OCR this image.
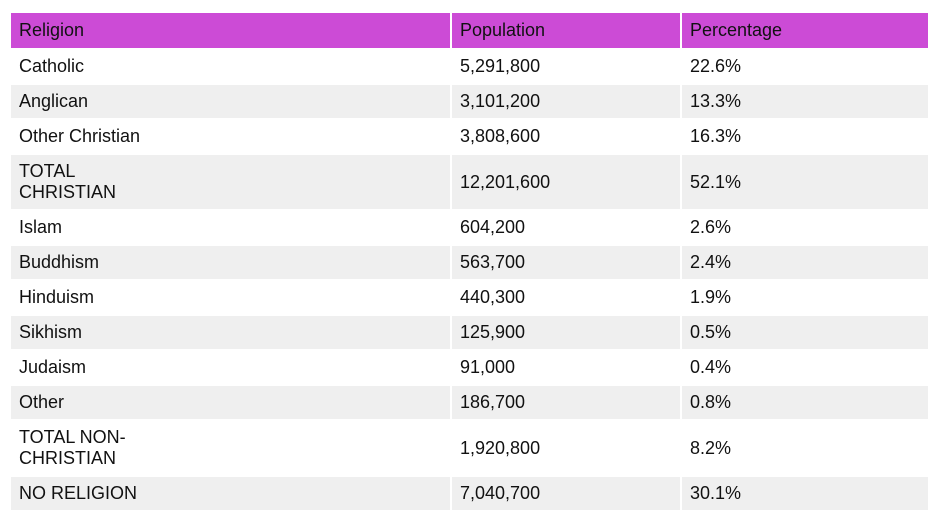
Religion	Population	Percentage
Catholic	5,291,800	22.6%
Anglican	3,101,200	13.3%
Other Christian	3,808,600	16.3%
TOTAL CHRISTIAN	12,201,600	52.1%
Islam	604,200	2.6%
Buddhism	563,700	2.4%
Hinduism	440,300	1.9%
Sikhism	125,900	0.5%
Judaism	91,000	0.4%
Other	186,700	0.8%
TOTAL NON-CHRISTIAN	1,920,800	8.2%
NO RELIGION	7,040,700	30.1%
